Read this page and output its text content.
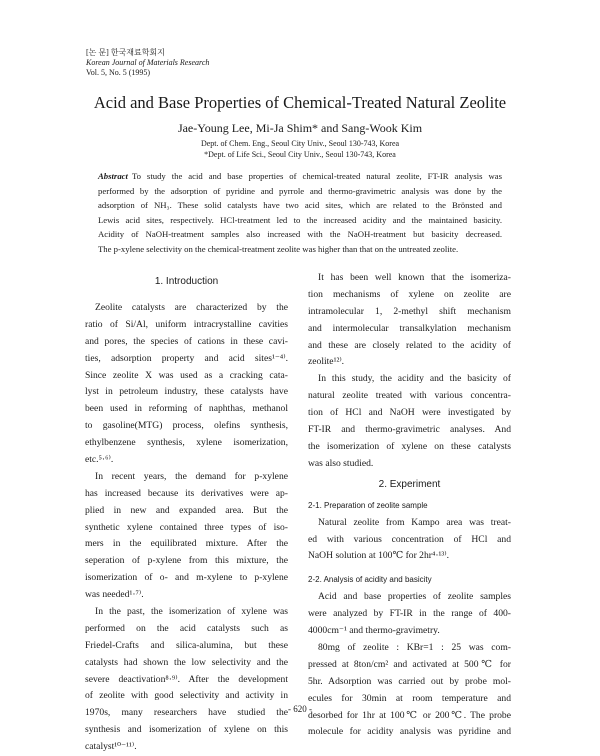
[논 문] 한국재료학회지
Korean Journal of Materials Research
Vol. 5, No. 5 (1995)
Acid and Base Properties of Chemical-Treated Natural Zeolite
Jae-Young Lee, Mi-Ja Shim* and Sang-Wook Kim
Dept. of Chem. Eng., Seoul City Univ., Seoul 130-743, Korea
*Dept. of Life Sci., Seoul City Univ., Seoul 130-743, Korea
Abstract To study the acid and base properties of chemical-treated natural zeolite, FT-IR analysis was
performed by the adsorption of pyridine and pyrrole and thermo-gravimetric analysis was done by the
adsorption of NH₃. These solid catalysts have two acid sites, which are related to the Brönsted and
Lewis acid sites, respectively. HCl-treatment led to the increased acidity and the maintained basicity.
Acidity of NaOH-treatment samples also increased with the NaOH-treatment but basicity decreased.
The p-xylene selectivity on the chemical-treatment zeolite was higher than that on the untreated zeolite.
1. Introduction
Zeolite catalysts are characterized by the
ratio of Si/Al, uniform intracrystalline cavities
and pores, the species of cations in these cavi-
ties, adsorption property and acid sites¹⁻⁴⁾.
Since zeolite X was used as a cracking cata-
lyst in petroleum industry, these catalysts have
been used in reforming of naphthas, methanol
to gasoline(MTG) process, olefins synthesis,
ethylbenzene synthesis, xylene isomerization,
etc.⁵·⁶⁾.
In recent years, the demand for p-xylene
has increased because its derivatives were ap-
plied in new and expanded area. But the
synthetic xylene contained three types of iso-
mers in the equilibrated mixture. After the
seperation of p-xylene from this mixture, the
isomerization of o- and m-xylene to p-xylene
was needed¹·⁷⁾.
In the past, the isomerization of xylene was
performed on the acid catalysts such as
Friedel-Crafts and silica-alumina, but these
catalysts had shown the low selectivity and the
severe deactivation⁸·⁹⁾. After the development
of zeolite with good selectivity and activity in
1970s, many researchers have studied the
synthesis and isomerization of xylene on this
catalyst¹⁰⁻¹¹⁾.
It has been well known that the isomeriza-
tion mechanisms of xylene on zeolite are
intramolecular 1, 2-methyl shift mechanism
and intermolecular transalkylation mechanism
and these are closely related to the acidity of
zeolite¹²⁾.
In this study, the acidity and the basicity of
natural zeolite treated with various concentra-
tion of HCl and NaOH were investigated by
FT-IR and thermo-gravimetric analyses. And
the isomerization of xylene on these catalysts
was also studied.
2. Experiment
2-1. Preparation of zeolite sample
Natural zeolite from Kampo area was treat-
ed with various concentration of HCl and
NaOH solution at 100℃ for 2hr⁴·¹³⁾.
2-2. Analysis of acidity and basicity
Acid and base properties of zeolite samples
were analyzed by FT-IR in the range of 400-
4000cm⁻¹ and thermo-gravimetry.
80mg of zeolite : KBr=1 : 25 was com-
pressed at 8ton/cm² and activated at 500℃ for
5hr. Adsorption was carried out by probe mol-
ecules for 30min at room temperature and
desorbed for 1hr at 100℃ or 200℃. The probe
molecule for acidity analysis was pyridine and
- 620 -
